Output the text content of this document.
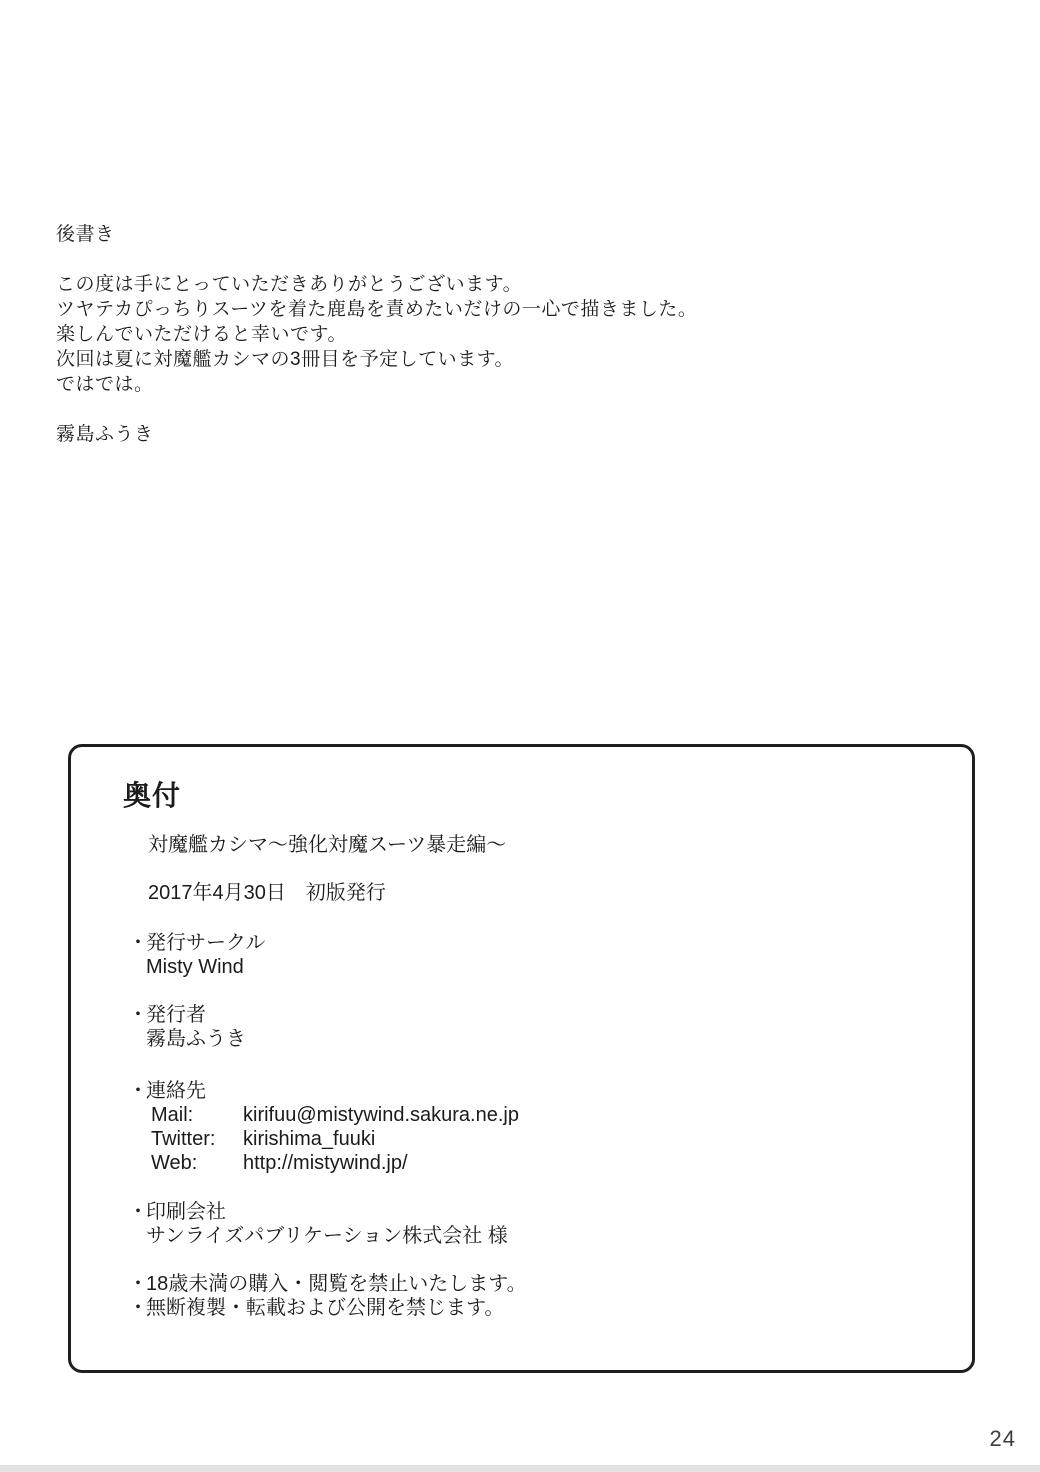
後書き
この度は手にとっていただきありがとうございます。
ツヤテカぴっちりスーツを着た鹿島を責めたいだけの一心で描きました。
楽しんでいただけると幸いです。
次回は夏に対魔艦カシマの3冊目を予定しています。
ではでは。
霧島ふうき
奥付
対魔艦カシマ～強化対魔スーツ暴走編～
2017年4月30日　初版発行
・発行サークル
Misty Wind
・発行者
霧島ふうき
・連絡先
Mail:	kirifuu@mistywind.sakura.ne.jp
Twitter:	kirishima_fuuki
Web:	http://mistywind.jp/
・印刷会社
サンライズパブリケーション株式会社 様
・18歳未満の購入・閲覧を禁止いたします。
・無断複製・転載および公開を禁じます。
24
